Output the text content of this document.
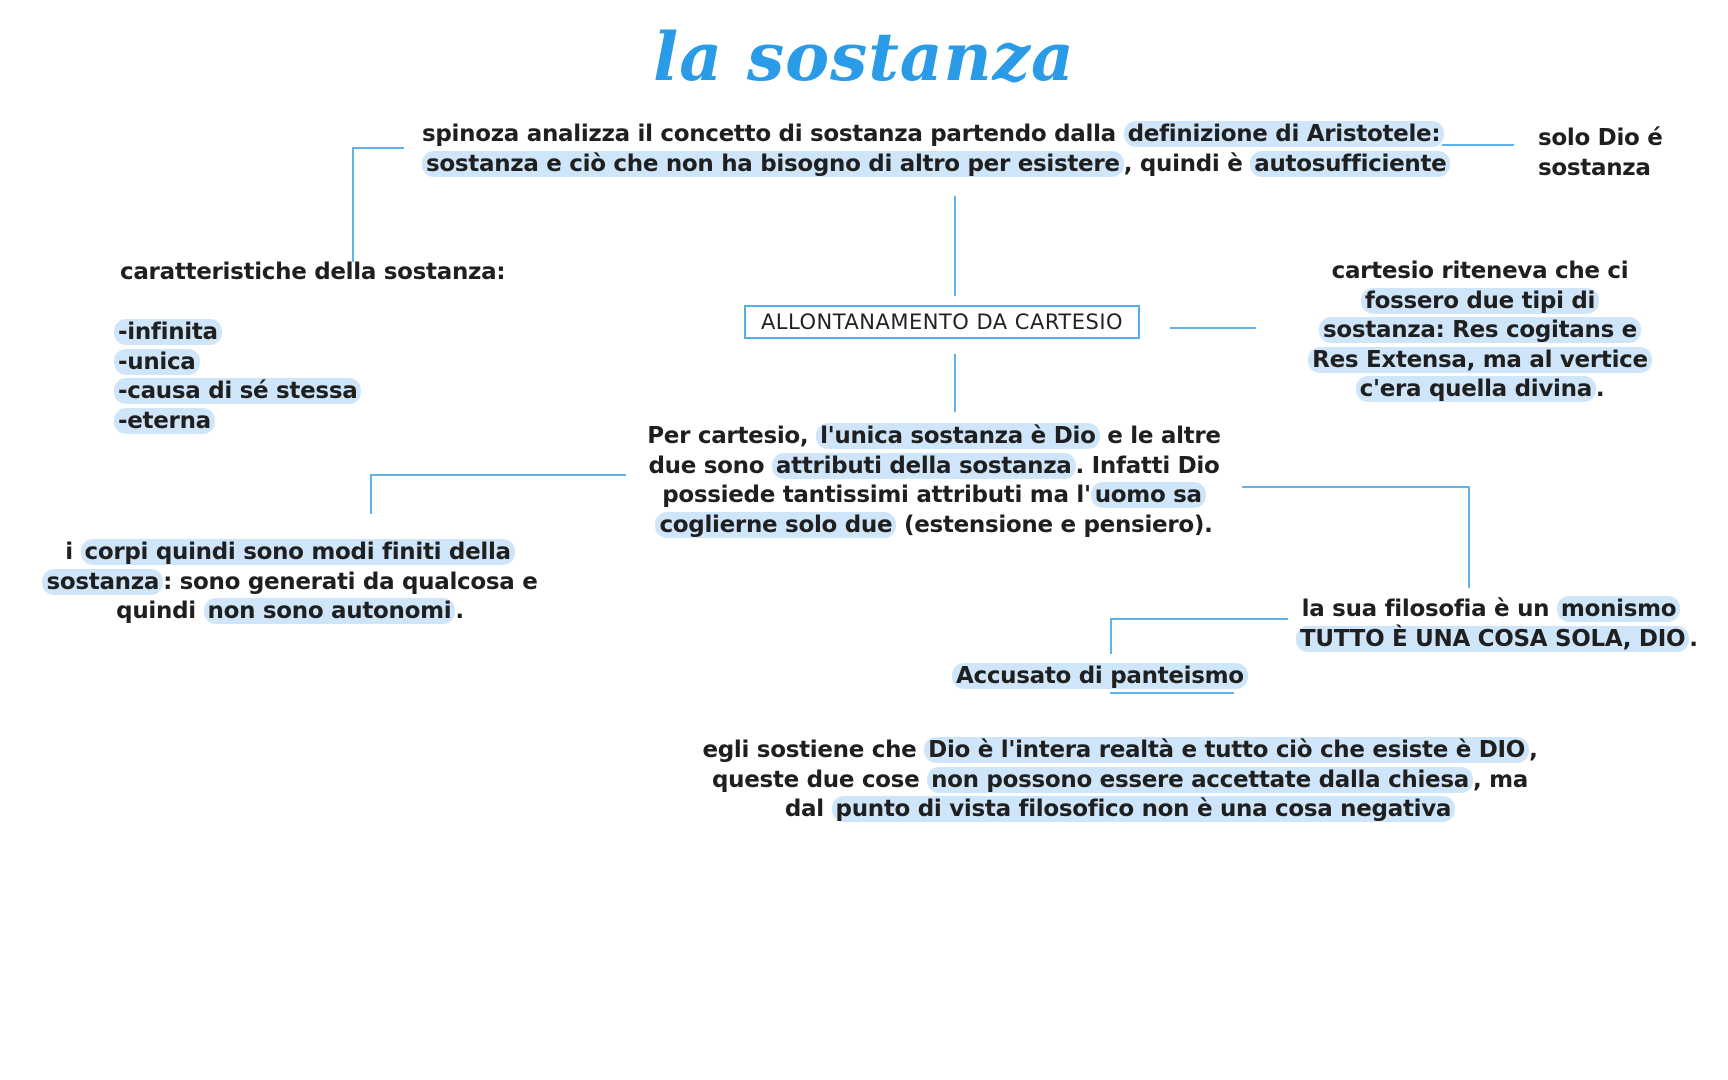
la sostanza
spinoza analizza il concetto di sostanza partendo dalla definizione di Aristotele:
sostanza e ciò che non ha bisogno di altro per esistere , quindi è autosufficiente
solo Dio é
sostanza
caratteristiche della sostanza:
-infinita
-unica
-causa di sé stessa
-eterna
ALLONTANAMENTO DA CARTESIO
cartesio riteneva che ci
fossero due tipi di
sostanza: Res cogitans e
Res Extensa, ma al vertice
c'era quella divina .
Per cartesio, l'unica sostanza è Dio e le altre
due sono attributi della sostanza . Infatti Dio
possiede tantissimi attributi ma l' uomo sa
coglierne solo due (estensione e pensiero).
i corpi quindi sono modi finiti della
sostanza : sono generati da qualcosa e
quindi non sono autonomi .	la sua filosofia è un monismo
TUTTO È UNA COSA SOLA, DIO .
Accusato di panteismo
egli sostiene che Dio è l'intera realtà e tutto ciò che esiste è DIO ,
queste due cose non possono essere accettate dalla chiesa , ma
dal punto di vista filosofico non è una cosa negativa
